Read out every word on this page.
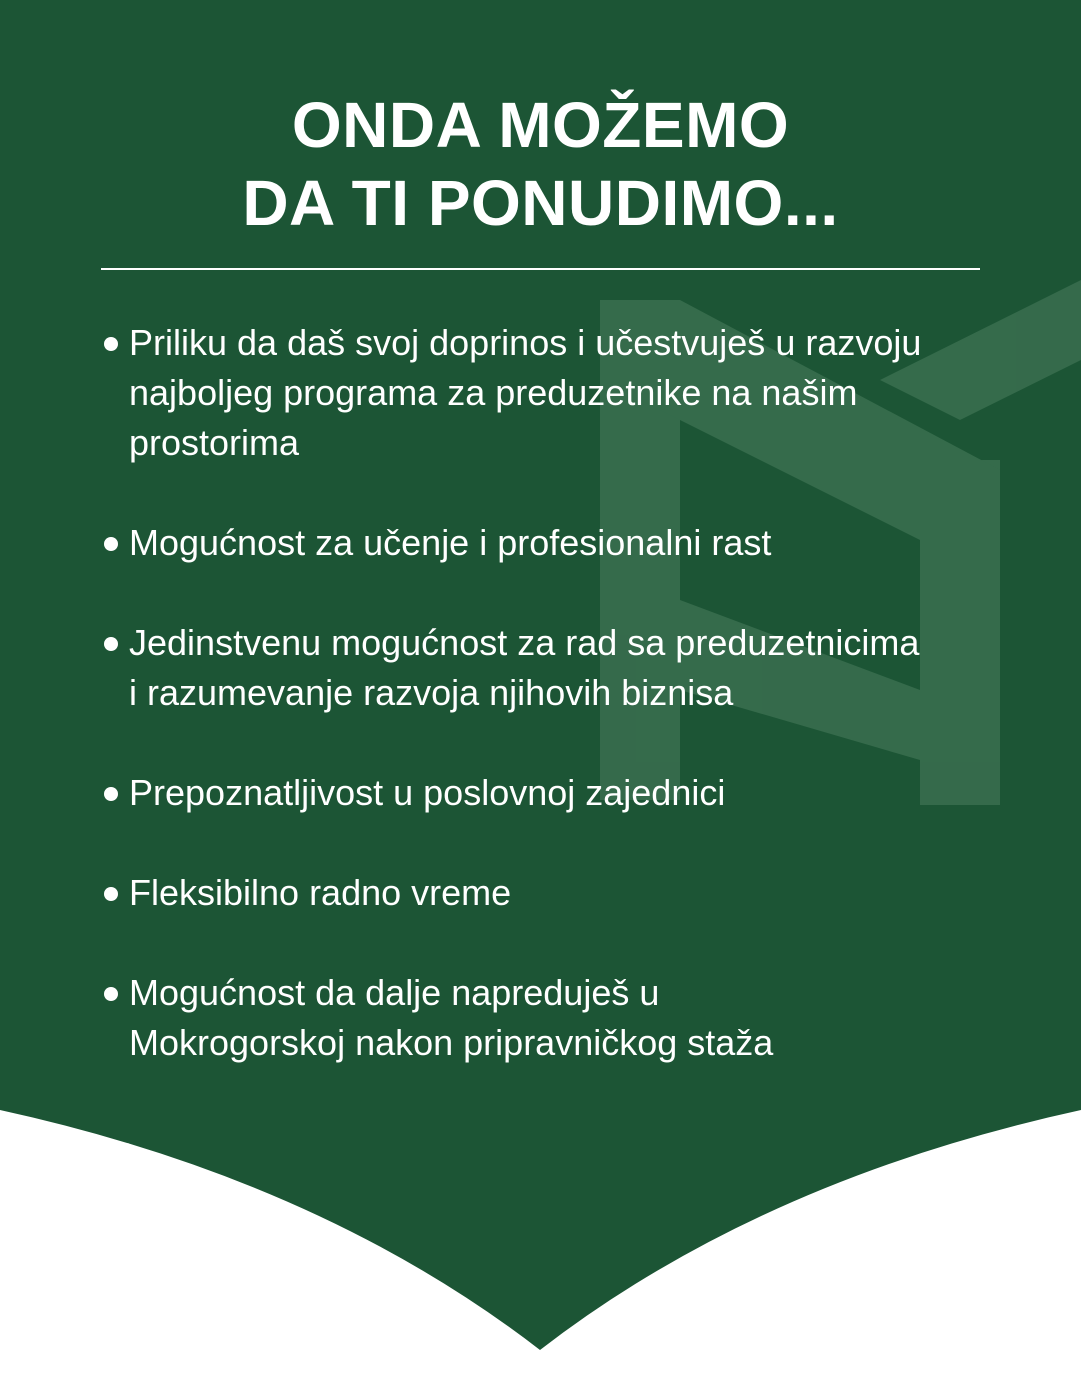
ONDA MOŽEMO
DA TI PONUDIMO...
Priliku da daš svoj doprinos i učestvuješ u razvoju
najboljeg programa za preduzetnike na našim
prostorima
Mogućnost za učenje i profesionalni rast
Jedinstvenu mogućnost za rad sa preduzetnicima
i razumevanje razvoja njihovih biznisa
Prepoznatljivost u poslovnoj zajednici
Fleksibilno radno vreme
Mogućnost da dalje napreduješ u
Mokrogorskoj nakon pripravničkog staža
